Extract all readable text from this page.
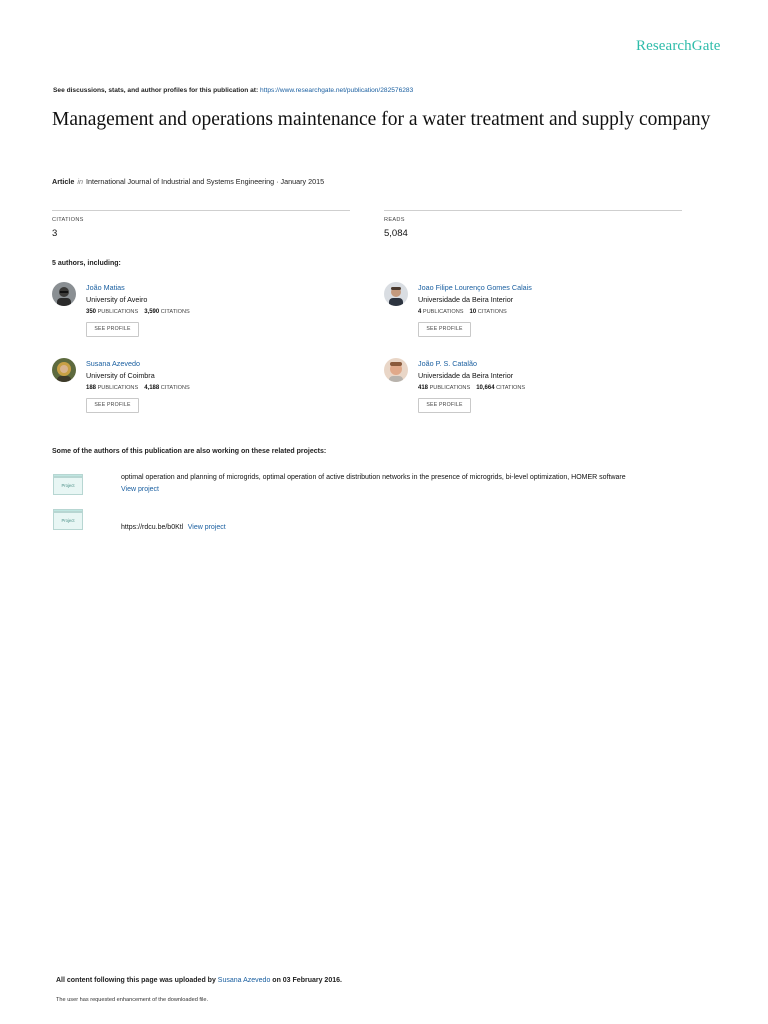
ResearchGate
See discussions, stats, and author profiles for this publication at: https://www.researchgate.net/publication/282576283
Management and operations maintenance for a water treatment and supply company
Article in International Journal of Industrial and Systems Engineering · January 2015
CITATIONS
3
READS
5,084
5 authors, including:
João Matias
University of Aveiro
350 PUBLICATIONS 3,590 CITATIONS
SEE PROFILE
Joao Filipe Lourenço Gomes Calais
Universidade da Beira Interior
4 PUBLICATIONS 10 CITATIONS
SEE PROFILE
Susana Azevedo
University of Coimbra
188 PUBLICATIONS 4,188 CITATIONS
SEE PROFILE
João P. S. Catalão
Universidade da Beira Interior
418 PUBLICATIONS 10,664 CITATIONS
SEE PROFILE
Some of the authors of this publication are also working on these related projects:
Project
optimal operation and planning of microgrids, optimal operation of active distribution networks in the presence of microgrids, bi-level optimization, HOMER software
View project
Project
https://rdcu.be/b0Ktl View project
All content following this page was uploaded by Susana Azevedo on 03 February 2016.
The user has requested enhancement of the downloaded file.
